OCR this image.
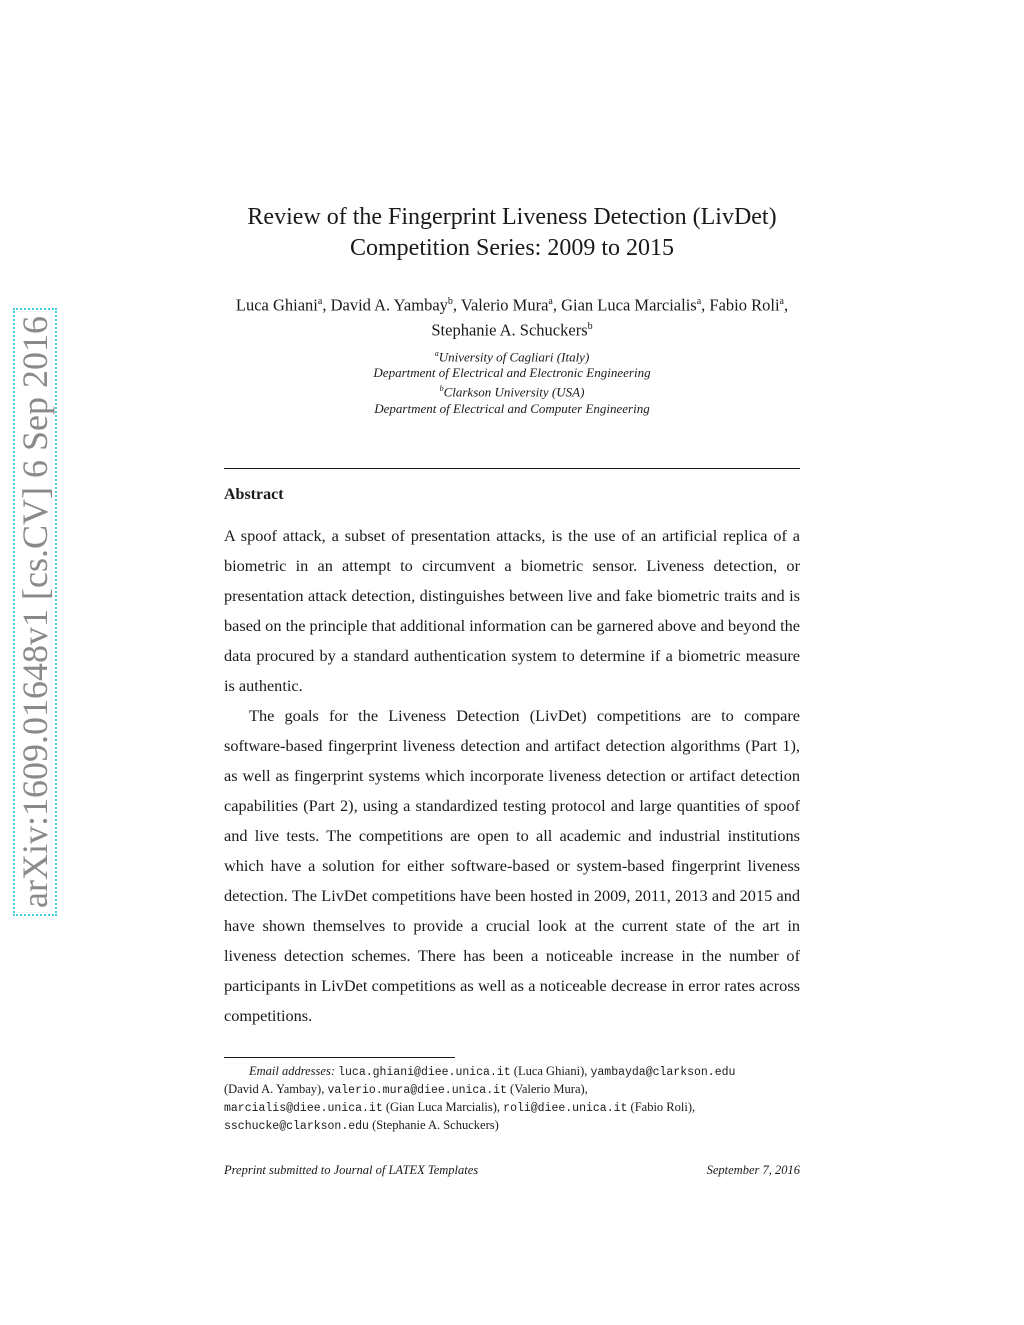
arXiv:1609.01648v1 [cs.CV] 6 Sep 2016
Review of the Fingerprint Liveness Detection (LivDet)
Competition Series: 2009 to 2015
Luca Ghiani$^a$, David A. Yambay$^b$, Valerio Mura$^a$, Gian Luca Marcialis$^a$, Fabio Roli$^a$, Stephanie A. Schuckers$^b$
$^a$University of Cagliari (Italy)
Department of Electrical and Electronic Engineering
$^b$Clarkson University (USA)
Department of Electrical and Computer Engineering
Abstract

A spoof attack, a subset of presentation attacks, is the use of an artificial replica of a biometric in an attempt to circumvent a biometric sensor. Liveness detection, or presentation attack detection, distinguishes between live and fake biometric traits and is based on the principle that additional information can be garnered above and beyond the data procured by a standard authentication system to determine if a biometric measure is authentic.

The goals for the Liveness Detection (LivDet) competitions are to compare software-based fingerprint liveness detection and artifact detection algorithms (Part 1), as well as fingerprint systems which incorporate liveness detection or artifact detection capabilities (Part 2), using a standardized testing protocol and large quantities of spoof and live tests. The competitions are open to all academic and industrial institutions which have a solution for either software-based or system-based fingerprint liveness detection. The LivDet competitions have been hosted in 2009, 2011, 2013 and 2015 and have shown themselves to provide a crucial look at the current state of the art in liveness detection schemes. There has been a noticeable increase in the number of participants in LivDet competitions as well as a noticeable decrease in error rates across competitions.

Email addresses: luca.ghiani@diee.unica.it (Luca Ghiani), yambayda@clarkson.edu
(David A. Yambay), valerio.mura@diee.unica.it (Valerio Mura),
marcialis@diee.unica.it (Gian Luca Marcialis), roli@diee.unica.it (Fabio Roli),
sschucke@clarkson.edu (Stephanie A. Schuckers)
Preprint submitted to Journal of LATEX Templates	September 7, 2016
